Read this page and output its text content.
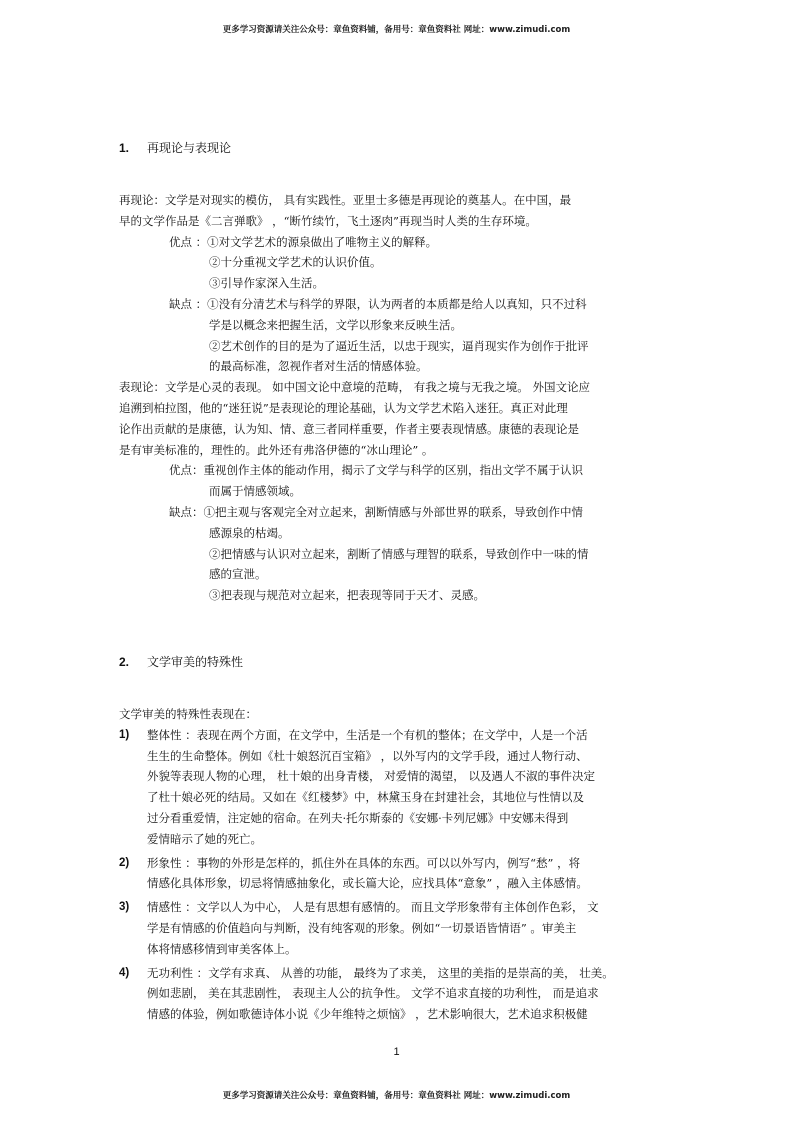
更多学习资源请关注公众号：章鱼资料铺，备用号：章鱼资料社 网址：www.zimudi.com
1. 再现论与表现论

再现论：文学是对现实的模仿， 具有实践性。亚里士多德是再现论的奠基人。在中国，最

早的文学作品是《二言弹歌》 ，“断竹续竹，飞土逐肉”再现当时人类的生存环境。

优点 ：①对文学艺术的源泉做出了唯物主义的解释。
②十分重视文学艺术的认识价值。
③引导作家深入生活。
缺点 ：①没有分清艺术与科学的界限，认为两者的本质都是给人以真知，只不过科
学是以概念来把握生活，文学以形象来反映生活。
②艺术创作的目的是为了逼近生活，以忠于现实，逼肖现实作为创作于批评
的最高标准，忽视作者对生活的情感体验。

表现论：文学是心灵的表现。 如中国文论中意境的范畴， 有我之境与无我之境。 外国文论应

追溯到柏拉图，他的“迷狂说”是表现论的理论基础，认为文学艺术陷入迷狂。真正对此理

论作出贡献的是康德，认为知、情、意三者同样重要，作者主要表现情感。康德的表现论是

是有审美标准的，理性的。此外还有弗洛伊德的“冰山理论” 。

优点：重视创作主体的能动作用，揭示了文学与科学的区别，指出文学不属于认识
而属于情感领域。
缺点：①把主观与客观完全对立起来，割断情感与外部世界的联系，导致创作中情
感源泉的枯竭。
②把情感与认识对立起来，割断了情感与理智的联系，导致创作中一味的情
感的宣泄。
③把表现与规范对立起来，把表现等同于天才、灵感。
2. 文学审美的特殊性

文学审美的特殊性表现在：

1) 整体性 ：表现在两个方面，在文学中，生活是一个有机的整体；在文学中，人是一个活
生生的生命整体。例如《杜十娘怒沉百宝箱》 ，以外写内的文学手段，通过人物行动、
外貌等表现人物的心理， 杜十娘的出身青楼， 对爱情的渴望， 以及遇人不淑的事件决定
了杜十娘必死的结局。又如在《红楼梦》中，林黛玉身在封建社会，其地位与性情以及
过分看重爱情，注定她的宿命。在列夫·托尔斯泰的《安娜·卡列尼娜》中安娜未得到
爱情暗示了她的死亡。
2) 形象性 ：事物的外形是怎样的，抓住外在具体的东西。可以以外写内，例写“愁” ，将
情感化具体形象，切忌将情感抽象化，或长篇大论，应找具体“意象” ，融入主体感情。
3) 情感性 ：文学以人为中心， 人是有思想有感情的。 而且文学形象带有主体创作色彩， 文
学是有情感的价值趋向与判断，没有纯客观的形象。例如“一切景语皆情语” 。审美主
体将情感移情到审美客体上。
4) 无功利性 ：文学有求真、 从善的功能， 最终为了求美， 这里的美指的是崇高的美， 壮美。
例如悲剧， 美在其悲剧性， 表现主人公的抗争性。 文学不追求直接的功利性， 而是追求
情感的体验，例如歌德诗体小说《少年维特之烦恼》 ，艺术影响很大，艺术追求积极健
1
更多学习资源请关注公众号：章鱼资料铺，备用号：章鱼资料社 网址：www.zimudi.com
